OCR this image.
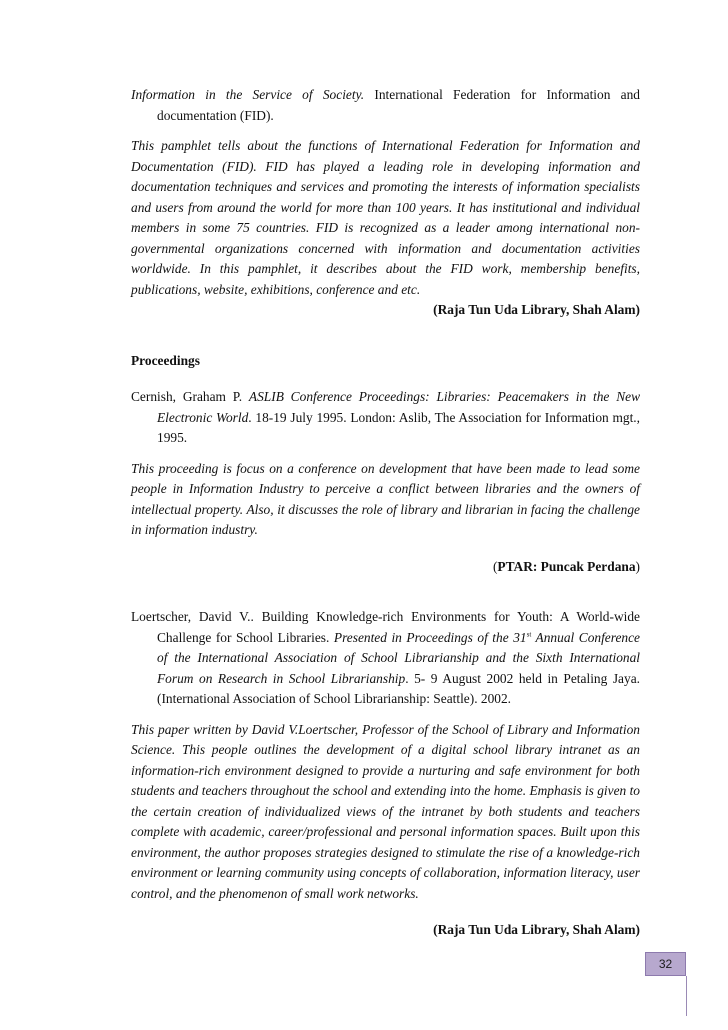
Information in the Service of Society. International Federation for Information and documentation (FID).

This pamphlet tells about the functions of International Federation for Information and Documentation (FID). FID has played a leading role in developing information and documentation techniques and services and promoting the interests of information specialists and users from around the world for more than 100 years. It has institutional and individual members in some 75 countries. FID is recognized as a leader among international non-governmental organizations concerned with information and documentation activities worldwide. In this pamphlet, it describes about the FID work, membership benefits, publications, website, exhibitions, conference and etc.

(Raja Tun Uda Library, Shah Alam)

Proceedings

Cernish, Graham P. ASLIB Conference Proceedings: Libraries: Peacemakers in the New Electronic World. 18-19 July 1995. London: Aslib, The Association for Information mgt., 1995.

This proceeding is focus on a conference on development that have been made to lead some people in Information Industry to perceive a conflict between libraries and the owners of intellectual property. Also, it discusses the role of library and librarian in facing the challenge in information industry.

(PTAR: Puncak Perdana)

Loertscher, David V.. Building Knowledge-rich Environments for Youth: A World-wide Challenge for School Libraries. Presented in Proceedings of the 31st Annual Conference of the International Association of School Librarianship and the Sixth International Forum on Research in School Librarianship. 5- 9 August 2002 held in Petaling Jaya. (International Association of School Librarianship: Seattle). 2002.

This paper written by David V.Loertscher, Professor of the School of Library and Information Science. This people outlines the development of a digital school library intranet as an information-rich environment designed to provide a nurturing and safe environment for both students and teachers throughout the school and extending into the home. Emphasis is given to the certain creation of individualized views of the intranet by both students and teachers complete with academic, career/professional and personal information spaces. Built upon this environment, the author proposes strategies designed to stimulate the rise of a knowledge-rich environment or learning community using concepts of collaboration, information literacy, user control, and the phenomenon of small work networks.

(Raja Tun Uda Library, Shah Alam)

32
